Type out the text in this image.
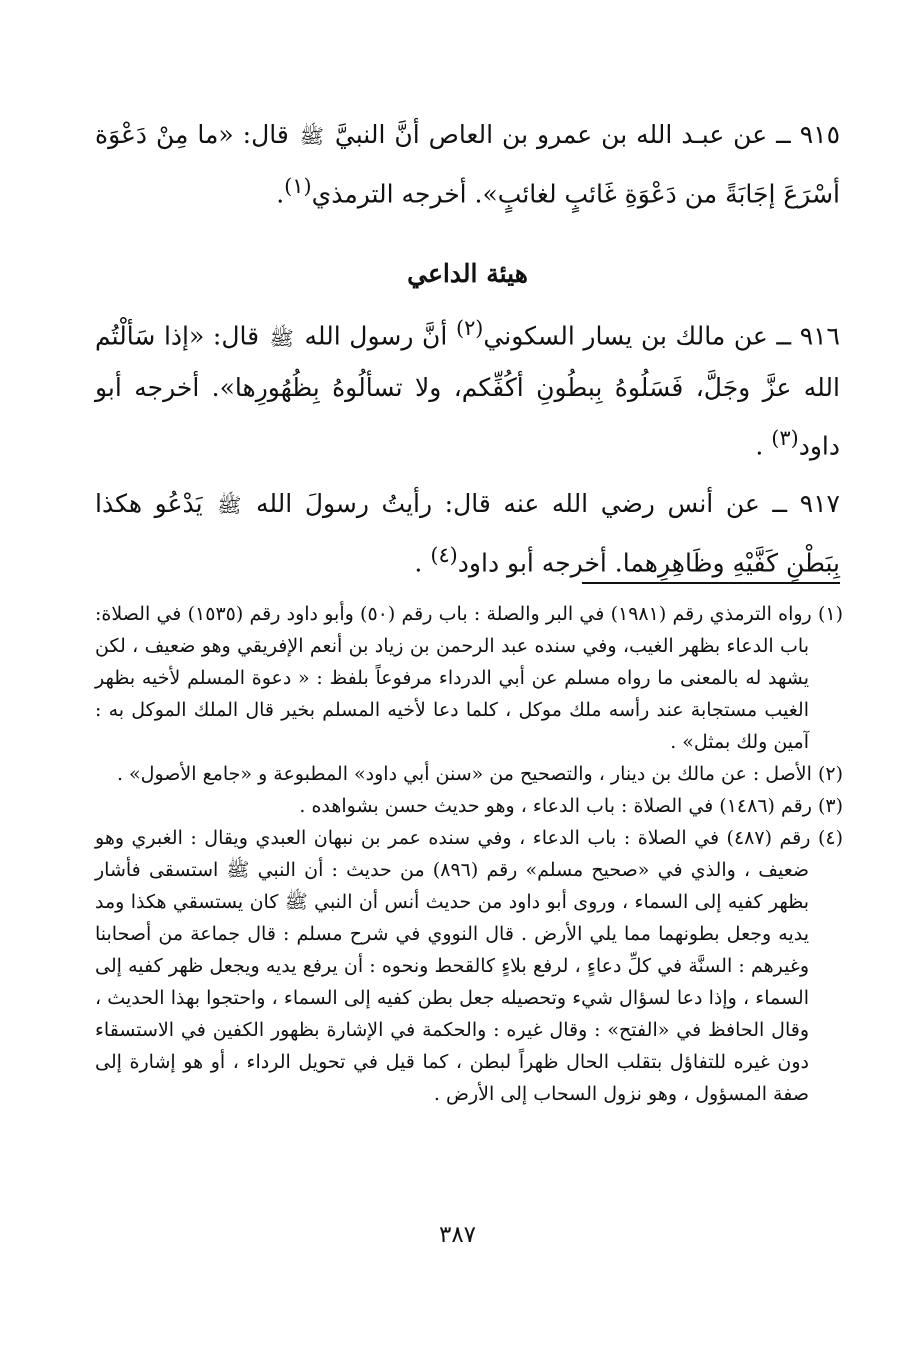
٩١٥ ــ عن عبـد الله بن عمرو بن العاص أنَّ النبيَّ ﷺ قال: «ما مِنْ دَعْوَة أسْرَعَ إجَابَةً من دَعْوَةِ غَائبٍ لغائبٍ». أخرجه الترمذي$^{(١)}$.

هيئة الداعي

٩١٦ ــ عن مالك بن يسار السكوني$^{(٢)}$ أنَّ رسول الله ﷺ قال: «إذا سَألْتُم الله عزَّ وجَلَّ، فَسَلُوهُ بِبطُونِ أكُفِّكم، ولا تسألُوهُ بِظُهُورِها». أخرجه أبو داود$^{(٣)}$ .

٩١٧ ــ عن أنس رضي الله عنه قال: رأيتُ رسولَ الله ﷺ يَدْعُو هكذا بِبَطْنِ كَفَّيْهِ وظَاهِرِهما. أخرجه أبو داود$^{(٤)}$ .

(١) رواه الترمذي رقم (١٩٨١) في البر والصلة : باب رقم (٥٠) وأبو داود رقم (١٥٣٥) في الصلاة: باب الدعاء بظهر الغيب، وفي سنده عبد الرحمن بن زياد بن أنعم الإفريقي وهو ضعيف ، لكن يشهد له بالمعنى ما رواه مسلم عن أبي الدرداء مرفوعاً بلفظ : « دعوة المسلم لأخيه بظهر الغيب مستجابة عند رأسه ملك موكل ، كلما دعا لأخيه المسلم بخير قال الملك الموكل به : آمين ولك بمثل» .

(٢) الأصل : عن مالك بن دينار ، والتصحيح من «سنن أبي داود» المطبوعة و «جامع الأصول» .

(٣) رقم (١٤٨٦) في الصلاة : باب الدعاء ، وهو حديث حسن بشواهده .

(٤) رقم (٤٨٧) في الصلاة : باب الدعاء ، وفي سنده عمر بن نبهان العبدي ويقال : الغبري وهو ضعيف ، والذي في «صحيح مسلم» رقم (٨٩٦) من حديث : أن النبي ﷺ استسقى فأشار بظهر كفيه إلى السماء ، وروى أبو داود من حديث أنس أن النبي ﷺ كان يستسقي هكذا ومد يديه وجعل بطونهما مما يلي الأرض . قال النووي في شرح مسلم : قال جماعة من أصحابنا وغيرهم : السنَّة في كلِّ دعاءٍ ، لرفع بلاءٍ كالقحط ونحوه : أن يرفع يديه ويجعل ظهر كفيه إلى السماء ، وإذا دعا لسؤال شيء وتحصيله جعل بطن كفيه إلى السماء ، واحتجوا بهذا الحديث ، وقال الحافظ في «الفتح» : وقال غيره : والحكمة في الإشارة بظهور الكفين في الاستسقاء دون غيره للتفاؤل بتقلب الحال ظهراً لبطن ، كما قيل في تحويل الرداء ، أو هو إشارة إلى صفة المسؤول ، وهو نزول السحاب إلى الأرض .

٣٨٧
